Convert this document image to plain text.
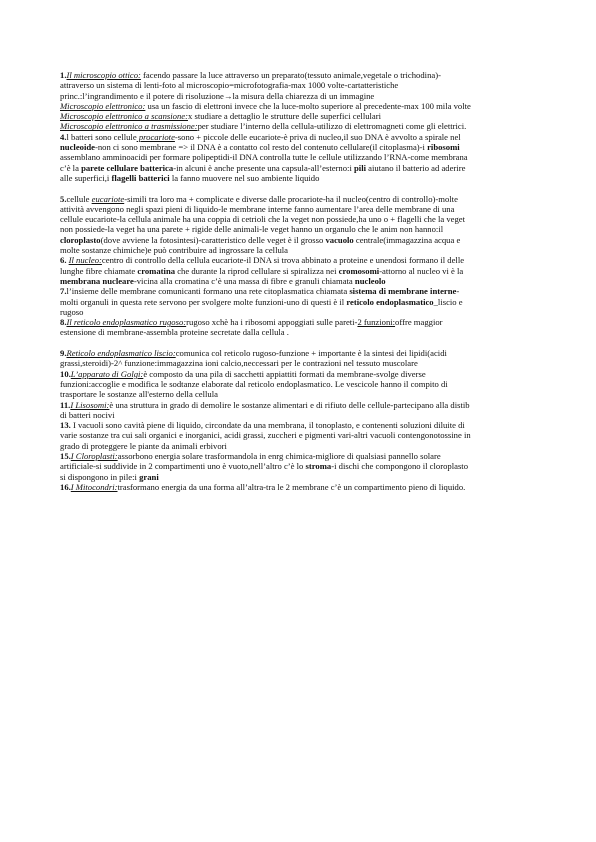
1.Il microscopio ottico: facendo passare la luce attraverso un preparato(tessuto animale,vegetale o trichodina)-
attraverso un sistema di lenti-foto al microscopio=microfotografia-max 1000 volte-cartatteristiche
princ.:l’ingrandimento e il potere di risoluzione→la misura della chiarezza di un immagine
Microscopio elettronico: usa un fascio di elettroni invece che la luce-molto superiore al precedente-max 100 mila volte
Microscopio elettronico a scansione:x studiare a dettaglio le strutture delle superfici cellulari
Microscopio elettronico a trasmissione:per studiare l’interno della cellula-utilizzo di elettromagneti come gli elettrici.
4.l batteri sono cellule procariote-sono + piccole delle eucariote-è priva di nucleo,il suo DNA è avvolto a spirale nel
nucleoide-non ci sono membrane => il DNA è a contatto col resto del contenuto cellulare(il citoplasma)-i ribosomi
assemblano amminoacidi per formare polipeptidi-il DNA controlla tutte le cellule utilizzando l’RNA-come membrana
c’è la parete cellulare batterica-in alcuni è anche presente una capsula-all’esterno:i pili aiutano il batterio ad aderire
alle superfici,i flagelli batterici la fanno muovere nel suo ambiente liquido
5.cellule eucariote-simili tra loro ma + complicate e diverse dalle procariote-ha il nucleo(centro di controllo)-molte
attività avvengono negli spazi pieni di liquido-le membrane interne fanno aumentare l’area delle membrane di una
cellule eucariote-la cellula animale ha una coppia di cetrioli che la veget non possiede,ha uno o + flagelli che la veget
non possiede-la veget ha una parete + rigide delle animali-le veget hanno un organulo che le anim non hanno:il
cloroplasto(dove avviene la fotosintesi)-caratteristico delle veget è il grosso vacuolo centrale(immagazzina acqua e
molte sostanze chimiche)e può contribuire ad ingrossare la cellula
6. Il nucleo:centro di controllo della cellula eucariote-il DNA si trova abbinato a proteine e unendosi formano il delle
lunghe fibre chiamate cromatina che durante la riprod cellulare si spiralizza nei cromosomi-attorno al nucleo vi è la
membrana nucleare-vicina alla cromatina c’è una massa di fibre e granuli chiamata nucleolo
7.l’insieme delle membrane comunicanti formano una rete citoplasmatica chiamata sistema di membrane interne-
molti organuli in questa rete servono per svolgere molte funzioni-uno di questi è il reticolo endoplasmatico_liscio e
rugoso
8.Il reticolo endoplasmatico rugoso:rugoso xchè ha i ribosomi appoggiati sulle pareti-2 funzioni:offre maggior
estensione di membrane-assembla proteine secretate dalla cellula .
9.Reticolo endoplasmatico liscio:comunica col reticolo rugoso-funzione + importante è la sintesi dei lipidi(acidi
grassi,steroidi)-2^ funzione:immagazzina ioni calcio,neccessari per le contrazioni nel tessuto muscolare
10.L’apparato di Golgi:è composto da una pila di sacchetti appiattiti formati da membrane-svolge diverse
funzioni:accoglie e modifica le sodtanze elaborate dal reticolo endoplasmatico. Le vescicole hanno il compito di
trasportare le sostanze all'esterno della cellula
11.I Lisosomi:è una struttura in grado di demolire le sostanze alimentari e di rifiuto delle cellule-partecipano alla distib
di batteri nocivi
13. I vacuoli sono cavità piene di liquido, circondate da una membrana, il tonoplasto, e contenenti soluzioni diluite di
varie sostanze tra cui sali organici e inorganici, acidi grassi, zuccheri e pigmenti vari-altri vacuoli contengonotossine in
grado di proteggere le piante da animali erbivori
15.I Cloroplasti:assorbono energia solare trasformandola in enrg chimica-migliore di qualsiasi pannello solare
artificiale-si suddivide in 2 compartimenti uno è vuoto,nell’altro c’è lo stroma-i dischi che compongono il cloroplasto
si dispongono in pile:i grani
16.I Mitocondri:trasformano energia da una forma all’altra-tra le 2 membrane c’è un compartimento pieno di liquido.
